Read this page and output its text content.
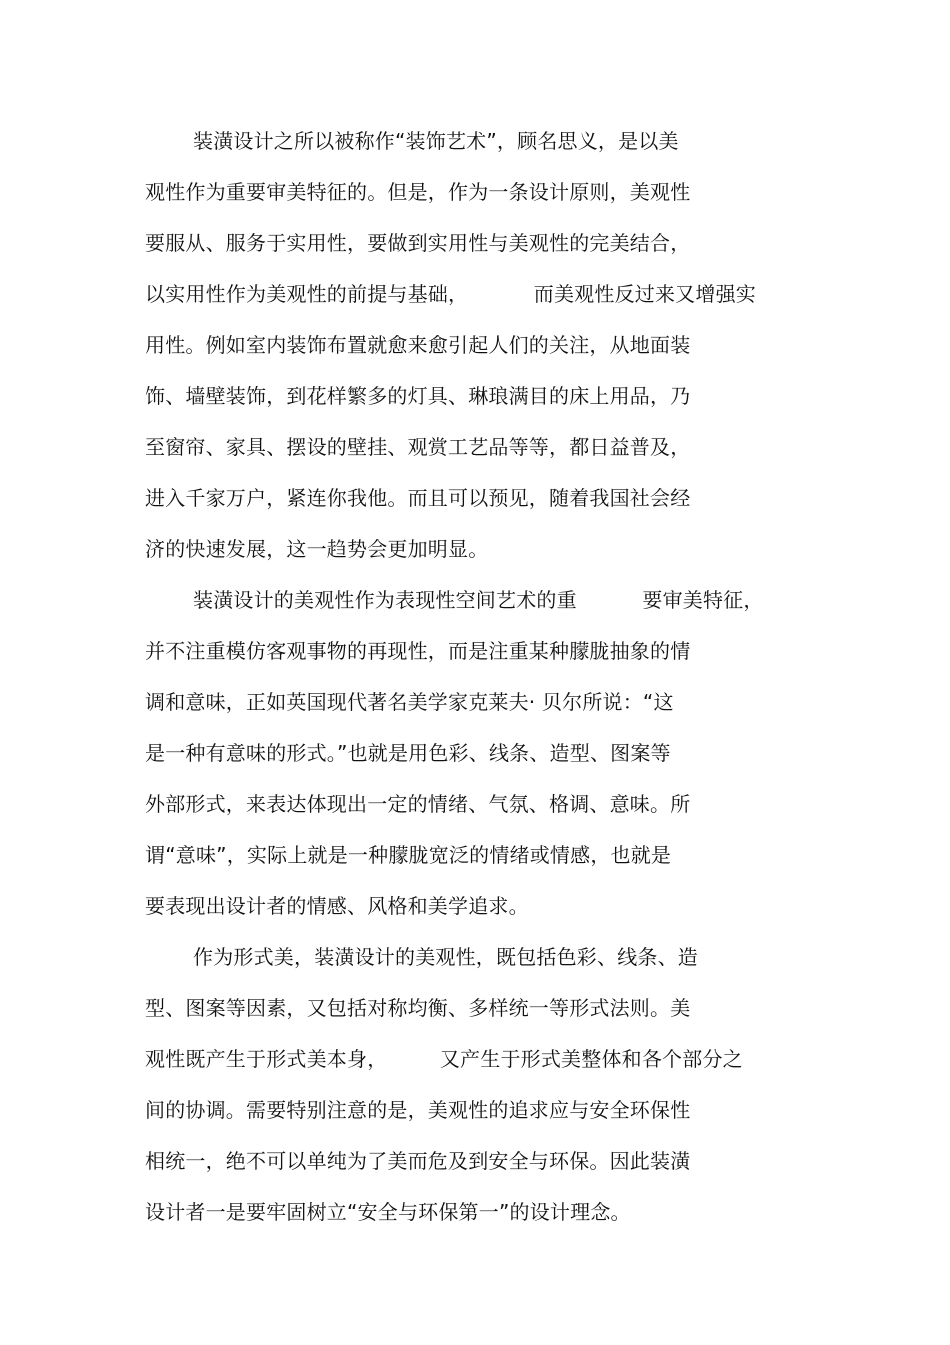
装潢设计之所以被称作“装饰艺术”，顾名思义，是以美
观性作为重要审美特征的。但是，作为一条设计原则，美观性
要服从、服务于实用性，要做到实用性与美观性的完美结合，
以实用性作为美观性的前提与基础，          而美观性反过来又增强实
用性。例如室内装饰布置就愈来愈引起人们的关注，从地面装
饰、墙壁装饰，到花样繁多的灯具、琳琅满目的床上用品，乃
至窗帘、家具、摆设的壁挂、观赏工艺品等等，都日益普及，
进入千家万户，紧连你我他。而且可以预见，随着我国社会经
济的快速发展，这一趋势会更加明显。
装潢设计的美观性作为表现性空间艺术的重          要审美特征，
并不注重模仿客观事物的再现性，而是注重某种朦胧抽象的情
调和意味，正如英国现代著名美学家克莱夫· 贝尔所说：“这
是一种有意味的形式。”也就是用色彩、线条、造型、图案等
外部形式，来表达体现出一定的情绪、气氛、格调、意味。所
谓“意味”，实际上就是一种朦胧宽泛的情绪或情感，也就是
要表现出设计者的情感、风格和美学追求。
作为形式美，装潢设计的美观性，既包括色彩、线条、造
型、图案等因素，又包括对称均衡、多样统一等形式法则。美
观性既产生于形式美本身，        又产生于形式美整体和各个部分之
间的协调。需要特别注意的是，美观性的追求应与安全环保性
相统一，绝不可以单纯为了美而危及到安全与环保。因此装潢
设计者一是要牢固树立“安全与环保第一”的设计理念。
